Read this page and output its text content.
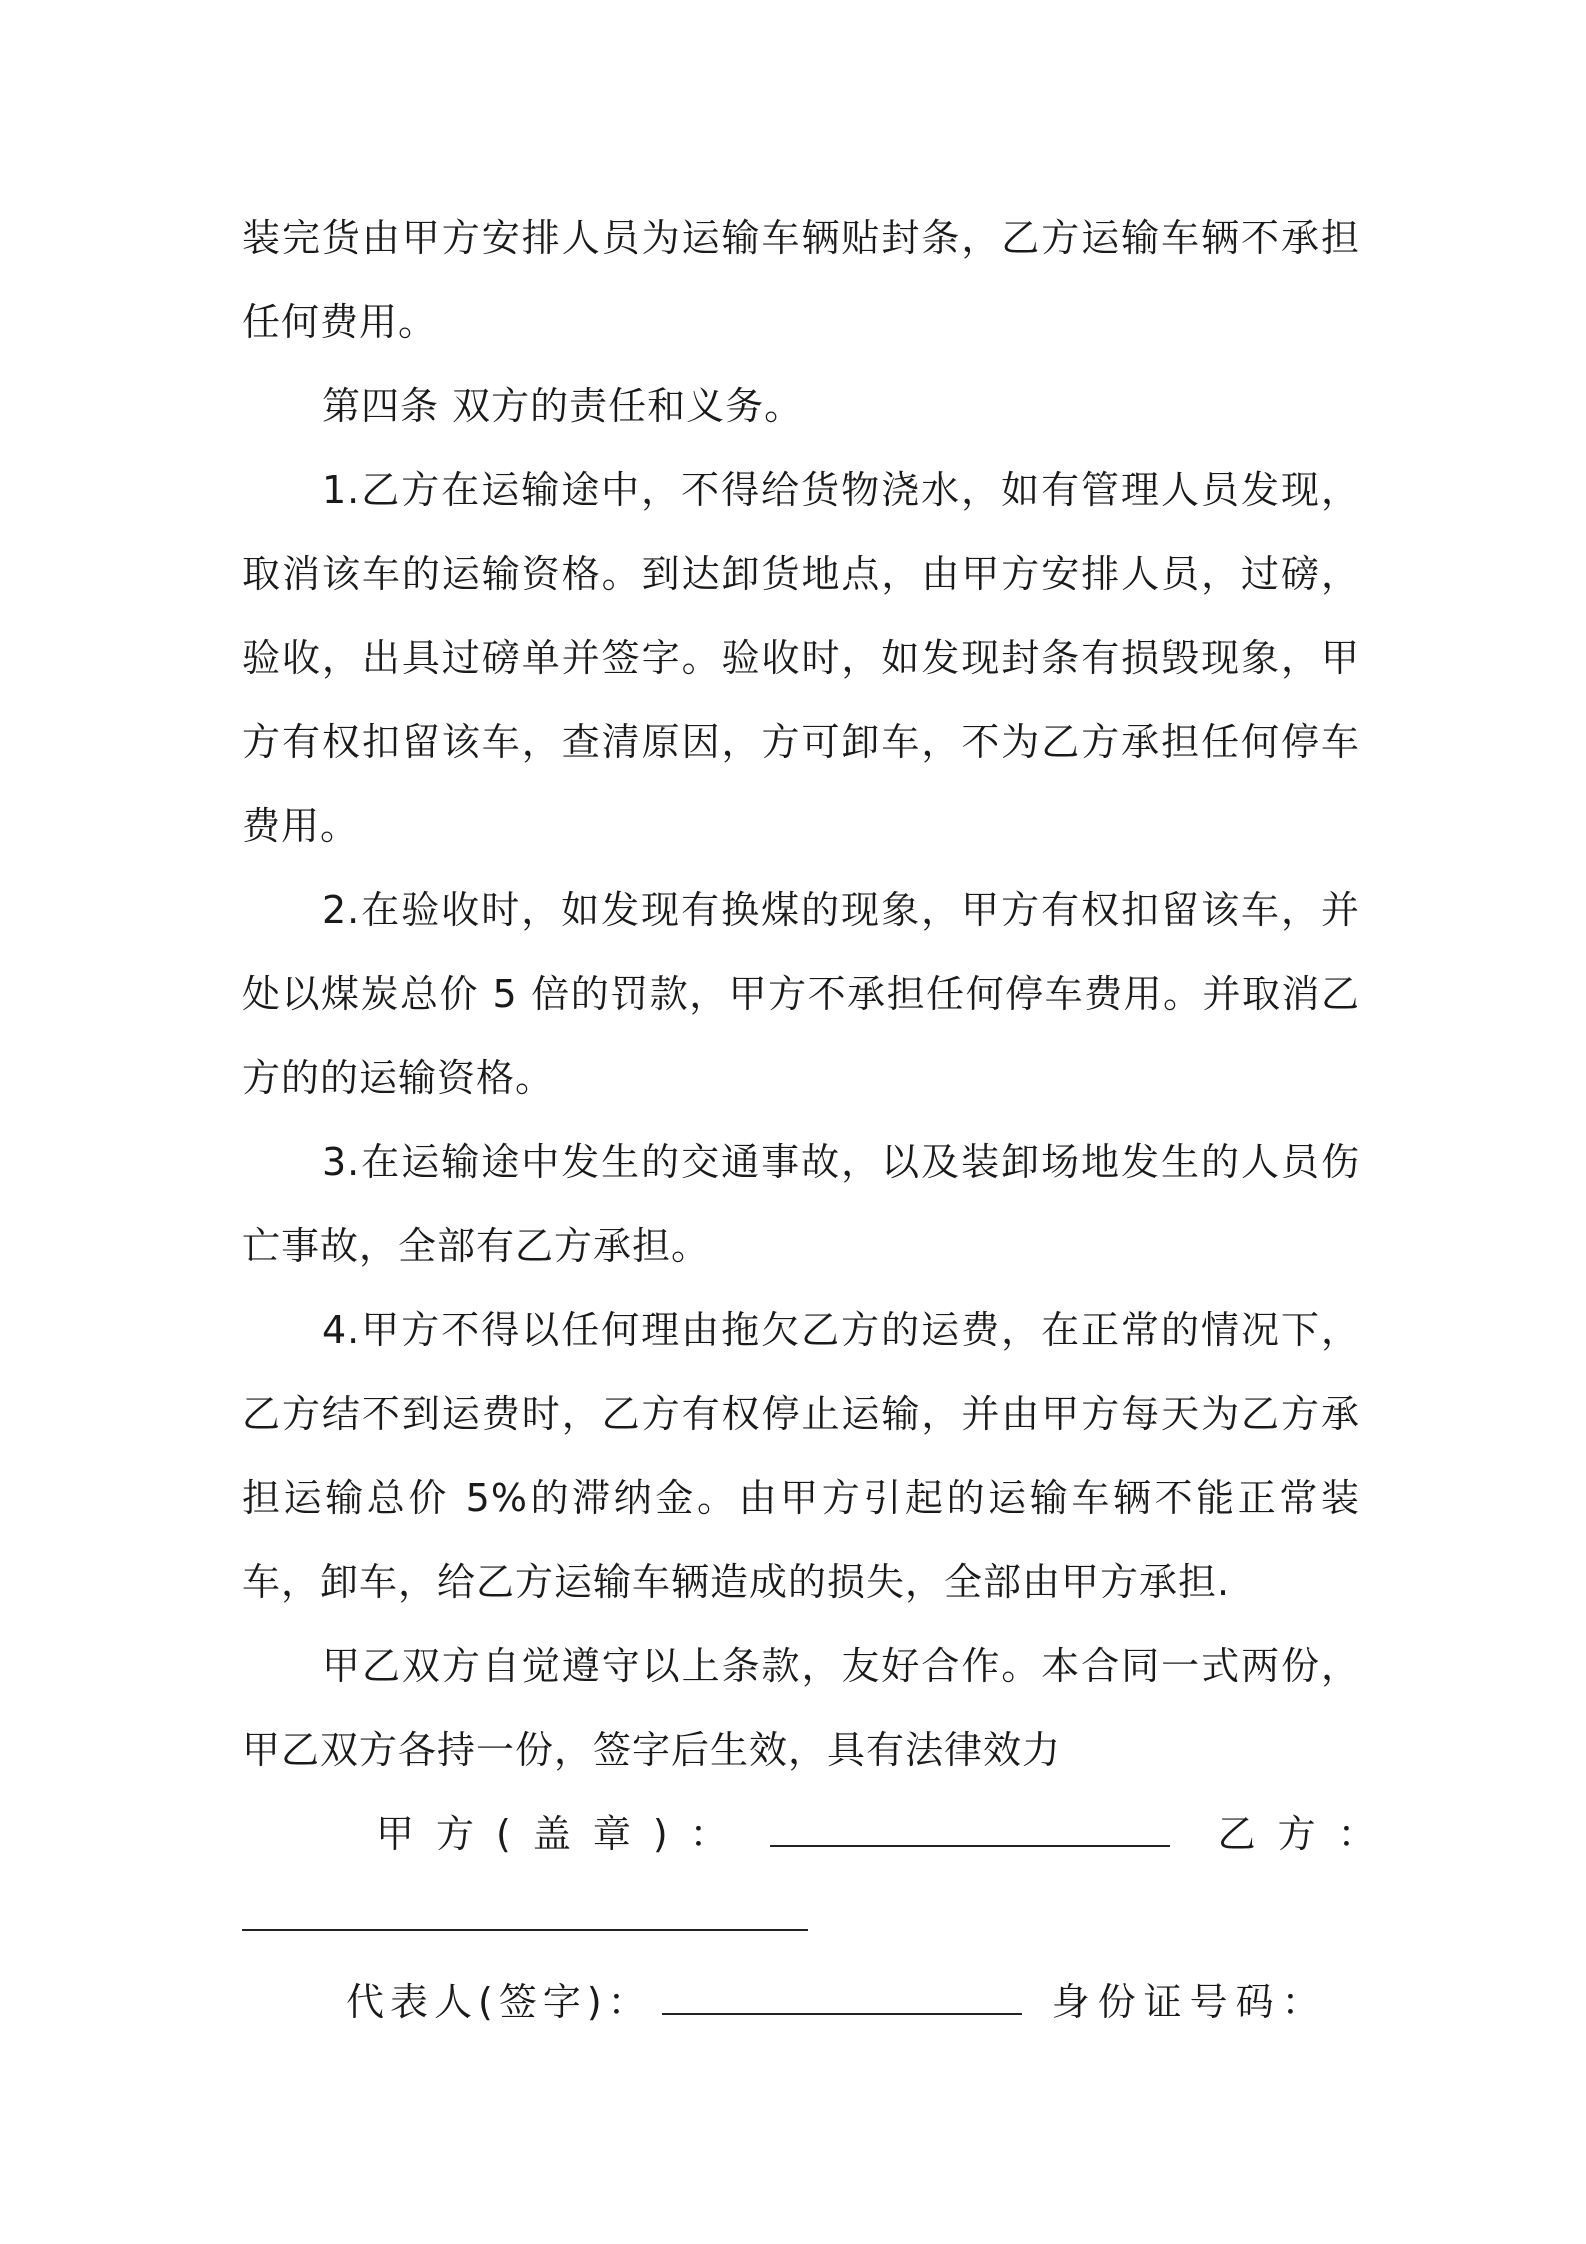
装完货由甲方安排人员为运输车辆贴封条，乙方运输车辆不承担任何费用。

第四条 双方的责任和义务。

1.乙方在运输途中，不得给货物浇水，如有管理人员发现，取消该车的运输资格。到达卸货地点，由甲方安排人员，过磅，验收，出具过磅单并签字。验收时，如发现封条有损毁现象，甲方有权扣留该车，查清原因，方可卸车，不为乙方承担任何停车费用。

2.在验收时，如发现有换煤的现象，甲方有权扣留该车，并处以煤炭总价 5 倍的罚款，甲方不承担任何停车费用。并取消乙方的的运输资格。

3.在运输途中发生的交通事故，以及装卸场地发生的人员伤亡事故，全部有乙方承担。

4.甲方不得以任何理由拖欠乙方的运费，在正常的情况下，乙方结不到运费时，乙方有权停止运输，并由甲方每天为乙方承担运输总价 5%的滞纳金。由甲方引起的运输车辆不能正常装车，卸车，给乙方运输车辆造成的损失，全部由甲方承担.

甲乙双方自觉遵守以上条款，友好合作。本合同一式两份，甲乙双方各持一份，签字后生效，具有法律效力

甲方(盖章)：	乙方：

代表人(签字)：	身份证号码：
